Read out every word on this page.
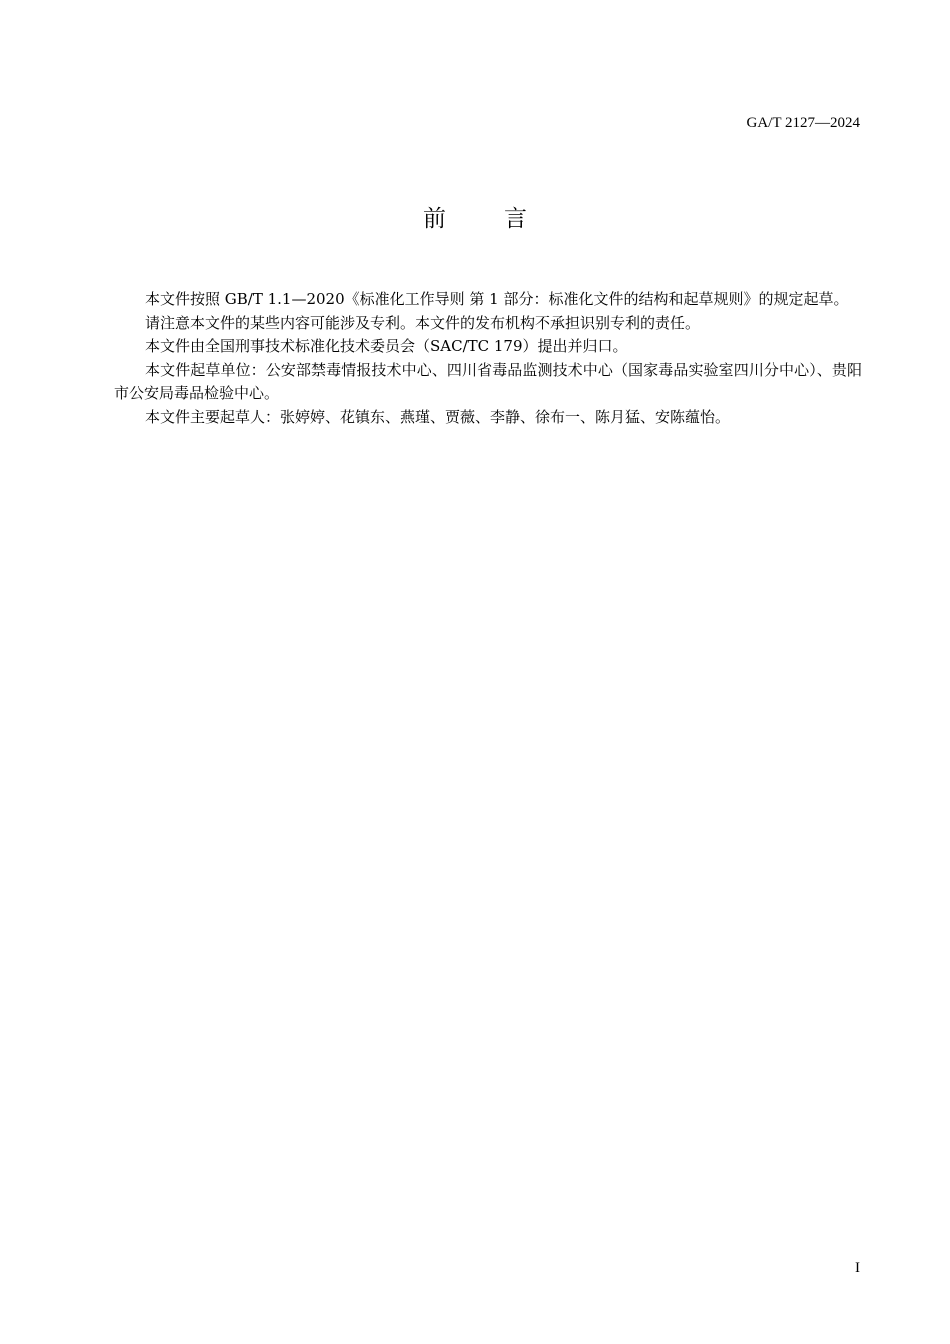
GA/T 2127—2024
前	言

本文件按照 GB/T 1.1—2020《标准化工作导则 第 1 部分：标准化文件的结构和起草规则》的规定起草。

请注意本文件的某些内容可能涉及专利。本文件的发布机构不承担识别专利的责任。

本文件由全国刑事技术标准化技术委员会（SAC/TC 179）提出并归口。

本文件起草单位：公安部禁毒情报技术中心、四川省毒品监测技术中心（国家毒品实验室四川分中心）、贵阳市公安局毒品检验中心。

本文件主要起草人：张婷婷、花镇东、燕瑾、贾薇、李静、徐布一、陈月猛、安陈蕴怡。

I
